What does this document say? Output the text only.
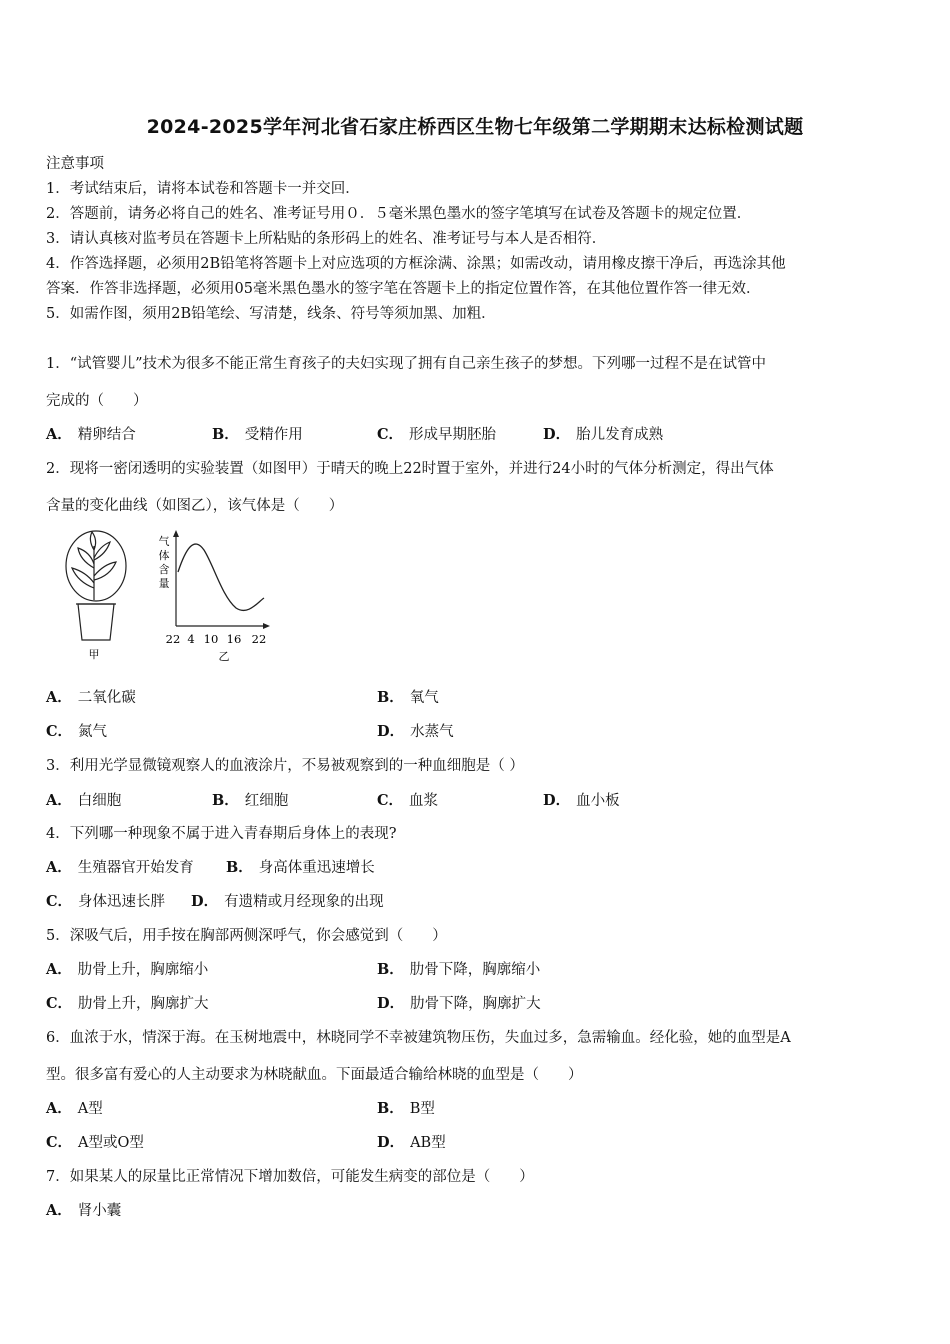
2024-2025学年河北省石家庄桥西区生物七年级第二学期期末达标检测试题
注意事项
1．考试结束后，请将本试卷和答题卡一并交回．
2．答题前，请务必将自己的姓名、准考证号用０．５毫米黑色墨水的签字笔填写在试卷及答题卡的规定位置．
3．请认真核对监考员在答题卡上所粘贴的条形码上的姓名、准考证号与本人是否相符．
4．作答选择题，必须用2B铅笔将答题卡上对应选项的方框涂满、涂黑；如需改动，请用橡皮擦干净后，再选涂其他
答案．作答非选择题，必须用05毫米黑色墨水的签字笔在答题卡上的指定位置作答，在其他位置作答一律无效．
5．如需作图，须用2B铅笔绘、写清楚，线条、符号等须加黑、加粗．
1．“试管婴儿”技术为很多不能正常生育孩子的夫妇实现了拥有自己亲生孩子的梦想。下列哪一过程不是在试管中
完成的（　　）
A． 精卵结合	B． 受精作用	C． 形成早期胚胎	D． 胎儿发育成熟
2．现将一密闭透明的实验装置（如图甲）于晴天的晚上22时置于室外，并进行24小时的气体分析测定，得出气体
含量的变化曲线（如图乙），该气体是（　　）
甲
气
体
含
量
22 4 10 16 22
乙
A． 二氧化碳	B． 氧气
C． 氮气	D． 水蒸气
3．利用光学显微镜观察人的血液涂片，不易被观察到的一种血细胞是（ ）
A． 白细胞	B． 红细胞	C． 血浆	D． 血小板
4．下列哪一种现象不属于进入青春期后身体上的表现?
A． 生殖器官开始发育 B． 身高体重迅速增长
C． 身体迅速长胖 D． 有遗精或月经现象的出现
5．深吸气后，用手按在胸部两侧深呼气，你会感觉到（　　）
A． 肋骨上升，胸廓缩小	B． 肋骨下降，胸廓缩小
C． 肋骨上升，胸廓扩大	D． 肋骨下降，胸廓扩大
6．血浓于水，情深于海。在玉树地震中，林晓同学不幸被建筑物压伤，失血过多，急需输血。经化验，她的血型是A
型。很多富有爱心的人主动要求为林晓献血。下面最适合输给林晓的血型是（　　）
A． A型	B． B型
C． A型或O型	D． AB型
7．如果某人的尿量比正常情况下增加数倍，可能发生病变的部位是（　　）
A． 肾小囊
